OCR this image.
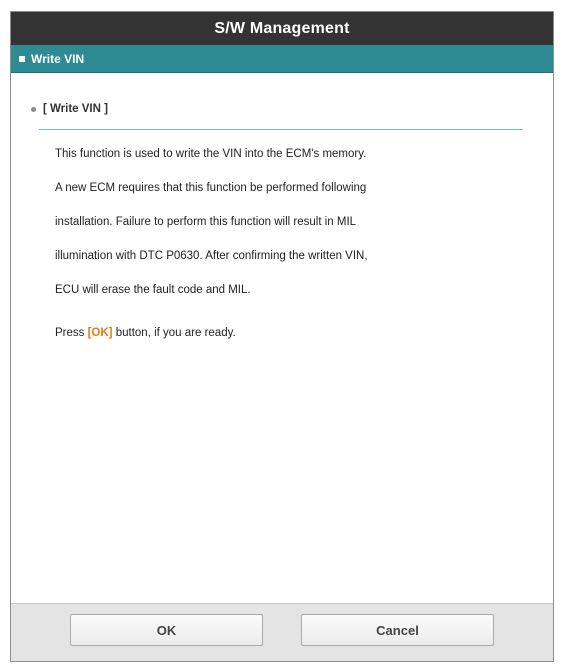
S/W Management
Write VIN
[ Write VIN ]
This function is used to write the VIN into the ECM's memory.
A new ECM requires that this function be performed following
installation. Failure to perform this function will result in MIL
illumination with DTC P0630. After confirming the written VIN,
ECU will erase the fault code and MIL.
Press [OK] button, if you are ready.
OK	Cancel
